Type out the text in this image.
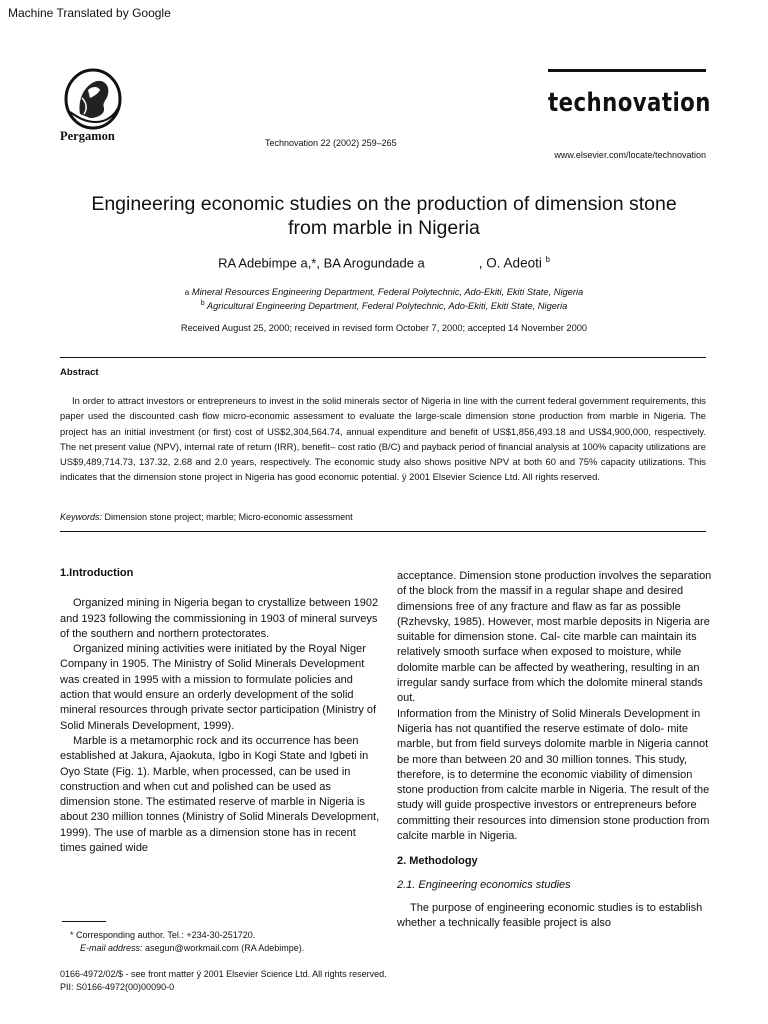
Machine Translated by Google
Pergamon	Technovation 22 (2002) 259–265
technovation
www.elsevier.com/locate/technovation
Engineering economic studies on the production of dimension stone
from marble in Nigeria
RA Adebimpe a,*, BA Arogundade a	, O. Adeoti $^b$
a Mineral Resources Engineering Department, Federal Polytechnic, Ado-Ekiti, Ekiti State, Nigeria
$^b$ Agricultural Engineering Department, Federal Polytechnic, Ado-Ekiti, Ekiti State, Nigeria
Received August 25, 2000; received in revised form October 7, 2000; accepted 14 November 2000
Abstract
In order to attract investors or entrepreneurs to invest in the solid minerals sector of Nigeria in line with the current federal government requirements, this paper used the discounted cash flow micro-economic assessment to evaluate the large-scale dimension stone production from marble in Nigeria. The project has an initial investment (or first) cost of US$2,304,564.74, annual expenditure and benefit of US$1,856,493.18 and US$4,900,000, respectively. The net present value (NPV), internal rate of return (IRR), benefit– cost ratio (B/C) and payback period of financial analysis at 100% capacity utilizations are US$9,489,714.73, 137.32, 2.68 and 2.0 years, respectively. The economic study also shows positive NPV at both 60 and 75% capacity utilizations. This indicates that the dimension stone project in Nigeria has good economic potential. ÿ 2001 Elsevier Science Ltd. All rights reserved.
Keywords: Dimension stone project; marble; Micro-economic assessment

1.Introduction

Organized mining in Nigeria began to crystallize between 1902 and 1923 following the commissioning in 1903 of mineral surveys of the southern and northern protectorates.

Organized mining activities were initiated by the Royal Niger Company in 1905. The Ministry of Solid Minerals Development was created in 1995 with a mission to formulate policies and action that would ensure an orderly development of the solid mineral resources through private sector participation (Ministry of Solid Minerals Development, 1999).

Marble is a metamorphic rock and its occurrence has been established at Jakura, Ajaokuta, Igbo in Kogi State and Igbeti in Oyo State (Fig. 1). Marble, when processed, can be used in construction and when cut and polished can be used as dimension stone. The estimated reserve of marble in Nigeria is about 230 million tonnes (Ministry of Solid Minerals Development, 1999). The use of marble as a dimension stone has in recent times gained wide

acceptance. Dimension stone production involves the separation of the block from the massif in a regular shape and desired dimensions free of any fracture and flaw as far as possible (Rzhevsky, 1985). However, most marble deposits in Nigeria are suitable for dimension stone. Cal- cite marble can maintain its relatively smooth surface when exposed to moisture, while dolomite marble can be affected by weathering, resulting in an irregular sandy surface from which the dolomite mineral stands out.

Information from the Ministry of Solid Minerals Development in Nigeria has not quantified the reserve estimate of dolo- mite marble, but from field surveys dolomite marble in Nigeria cannot be more than between 20 and 30 million tonnes. This study, therefore, is to determine the economic viability of dimension stone production from calcite marble in Nigeria. The result of the study will guide prospective investors or entrepreneurs before committing their resources into dimension stone production from calcite marble in Nigeria.

2. Methodology

2.1. Engineering economics studies

The purpose of engineering economic studies is to establish whether a technically feasible project is also

* Corresponding author. Tel.: +234-30-251720.
E-mail address: asegun@workmail.com (RA Adebimpe).
0166-4972/02/$ - see front matter ÿ 2001 Elsevier Science Ltd. All rights reserved.
PII: S0166-4972(00)00090-0
